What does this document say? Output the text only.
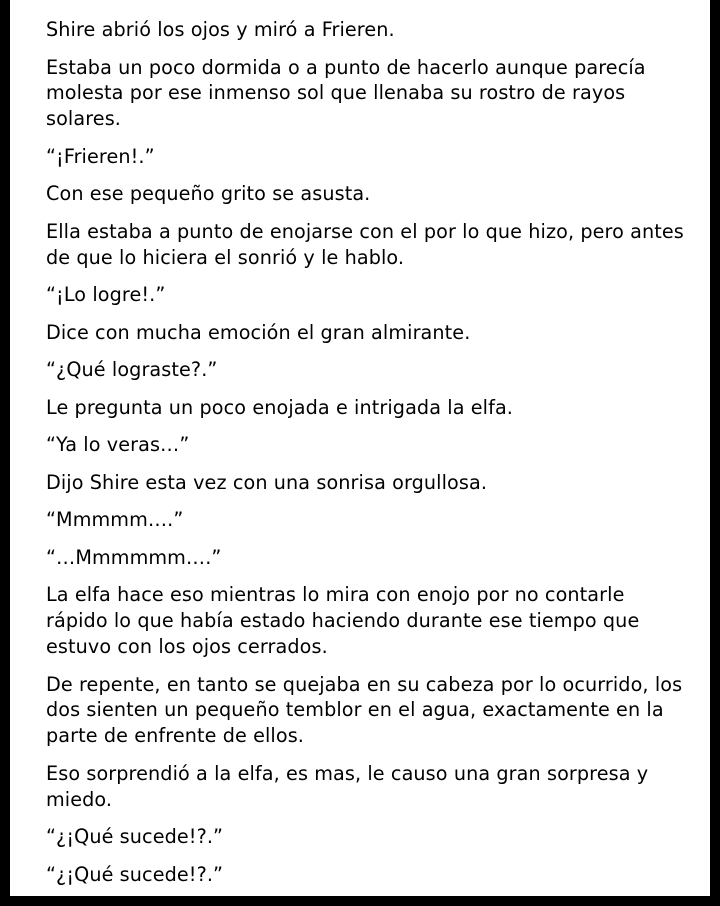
Shire abrió los ojos y miró a Frieren.

Estaba un poco dormida o a punto de hacerlo aunque parecía molesta por ese inmenso sol que llenaba su rostro de rayos solares.

“¡Frieren!.”

Con ese pequeño grito se asusta.

Ella estaba a punto de enojarse con el por lo que hizo, pero antes de que lo hiciera el sonrió y le hablo.

“¡Lo logre!.”

Dice con mucha emoción el gran almirante.

“¿Qué lograste?.”

Le pregunta un poco enojada e intrigada la elfa.

“Ya lo veras…”

Dijo Shire esta vez con una sonrisa orgullosa.

“Mmmmm….”

“…Mmmmmm….”

La elfa hace eso mientras lo mira con enojo por no contarle rápido lo que había estado haciendo durante ese tiempo que estuvo con los ojos cerrados.

De repente, en tanto se quejaba en su cabeza por lo ocurrido, los dos sienten un pequeño temblor en el agua, exactamente en la parte de enfrente de ellos.

Eso sorprendió a la elfa, es mas, le causo una gran sorpresa y miedo.

“¿¡Qué sucede!?.”

“¿¡Qué sucede!?.”
